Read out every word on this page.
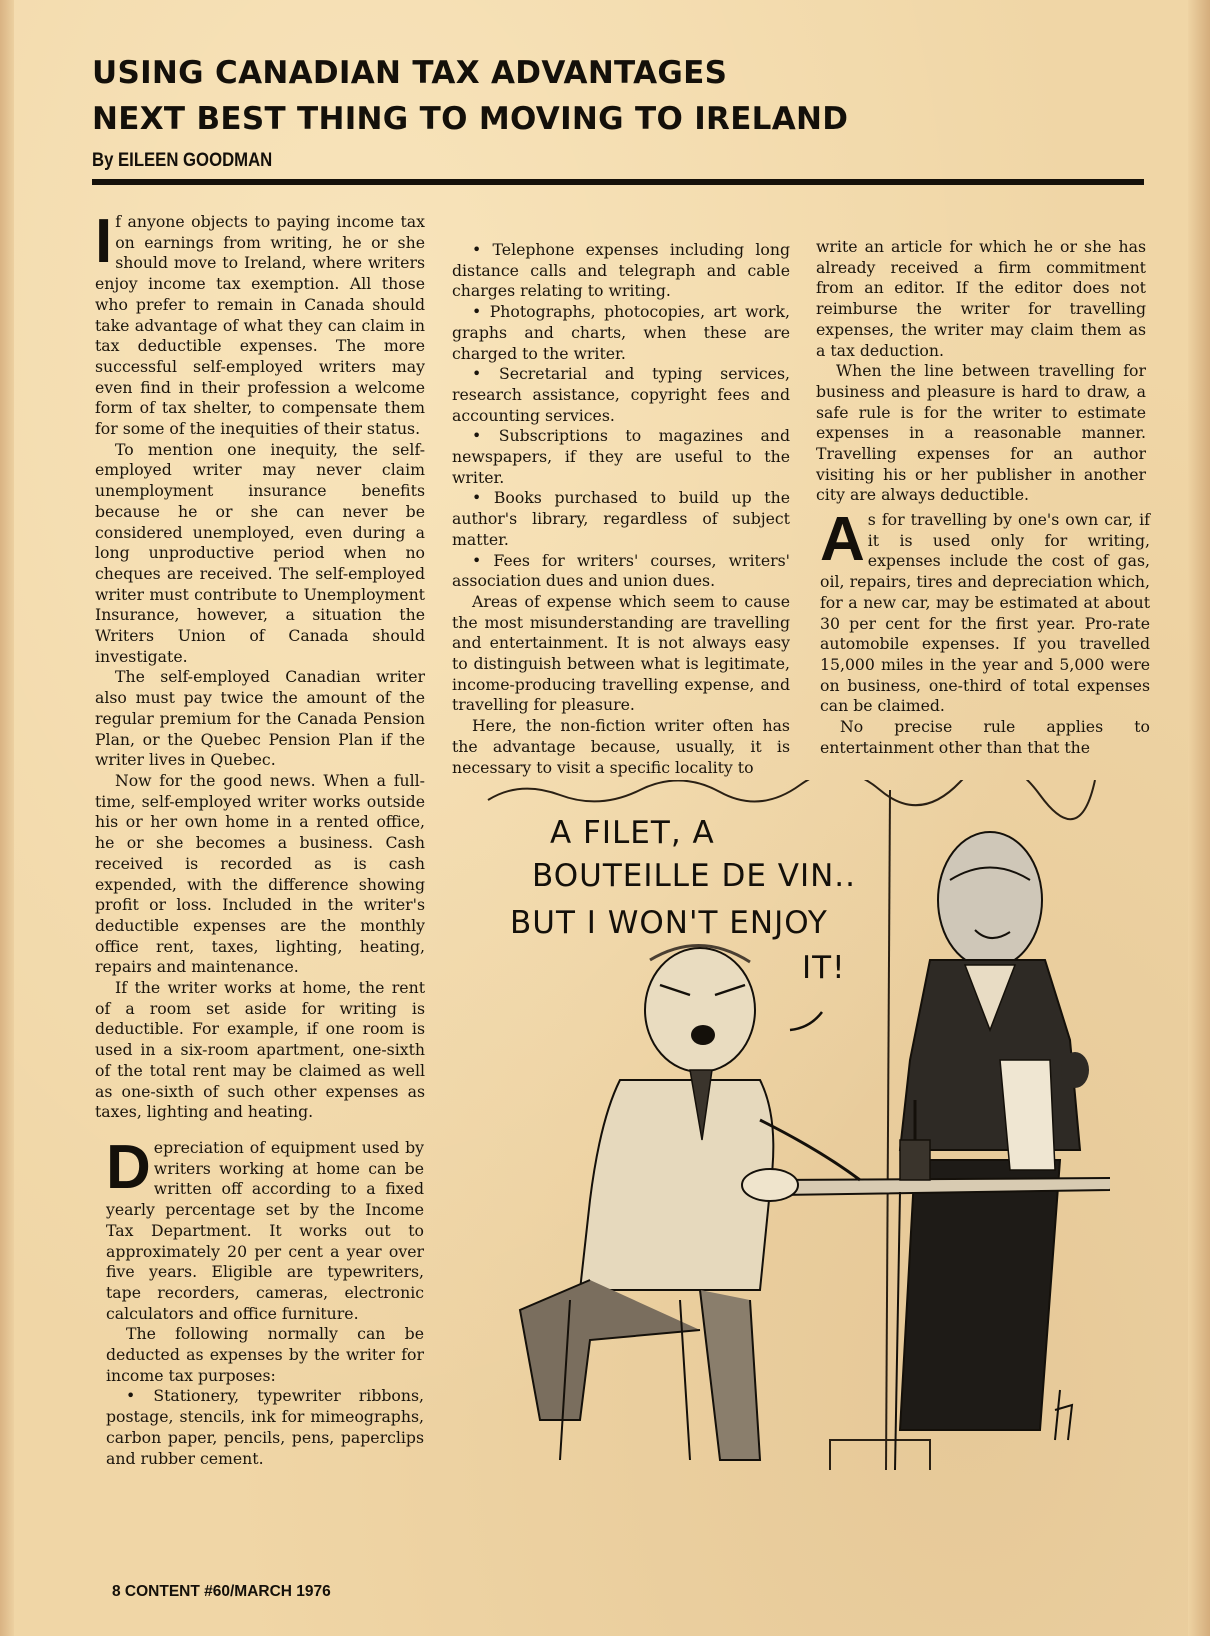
USING CANADIAN TAX ADVANTAGES
NEXT BEST THING TO MOVING TO IRELAND

By EILEEN GOODMAN

I f anyone objects to paying income tax on earnings from writing, he or she should move to Ireland, where writers enjoy income tax exemption. All those who prefer to remain in Canada should take advantage of what they can claim in tax deductible expenses. The more successful self-employed writers may even find in their profession a welcome form of tax shelter, to compensate them for some of the inequities of their status.

To mention one inequity, the self-employed writer may never claim unemployment insurance benefits because he or she can never be considered unemployed, even during a long unproductive period when no cheques are received. The self-employed writer must contribute to Unemployment Insurance, however, a situation the Writers Union of Canada should investigate.

The self-employed Canadian writer also must pay twice the amount of the regular premium for the Canada Pension Plan, or the Quebec Pension Plan if the writer lives in Quebec.

Now for the good news. When a full-time, self-employed writer works outside his or her own home in a rented office, he or she becomes a business. Cash received is recorded as is cash expended, with the difference showing profit or loss. Included in the writer's deductible expenses are the monthly office rent, taxes, lighting, heating, repairs and maintenance.

If the writer works at home, the rent of a room set aside for writing is deductible. For example, if one room is used in a six-room apartment, one-sixth of the total rent may be claimed as well as one-sixth of such other expenses as taxes, lighting and heating.

D epreciation of equipment used by writers working at home can be written off according to a fixed yearly percentage set by the Income Tax Department. It works out to approximately 20 per cent a year over five years. Eligible are typewriters, tape recorders, cameras, electronic calculators and office furniture.

The following normally can be deducted as expenses by the writer for income tax purposes:

• Stationery, typewriter ribbons, postage, stencils, ink for mimeographs, carbon paper, pencils, pens, paperclips and rubber cement.

• Telephone expenses including long distance calls and telegraph and cable charges relating to writing.

• Photographs, photocopies, art work, graphs and charts, when these are charged to the writer.

• Secretarial and typing services, research assistance, copyright fees and accounting services.

• Subscriptions to magazines and newspapers, if they are useful to the writer.

• Books purchased to build up the author's library, regardless of subject matter.

• Fees for writers' courses, writers' association dues and union dues.

Areas of expense which seem to cause the most misunderstanding are travelling and entertainment. It is not always easy to distinguish between what is legitimate, income-producing travelling expense, and travelling for pleasure.

Here, the non-fiction writer often has the advantage because, usually, it is necessary to visit a specific locality to

write an article for which he or she has already received a firm commitment from an editor. If the editor does not reimburse the writer for travelling expenses, the writer may claim them as a tax deduction.

When the line between travelling for business and pleasure is hard to draw, a safe rule is for the writer to estimate expenses in a reasonable manner. Travelling expenses for an author visiting his or her publisher in another city are always deductible.

A s for travelling by one's own car, if it is used only for writing, expenses include the cost of gas, oil, repairs, tires and depreciation which, for a new car, may be estimated at about 30 per cent for the first year. Pro-rate automobile expenses. If you travelled 15,000 miles in the year and 5,000 were on business, one-third of total expenses can be claimed.

No precise rule applies to entertainment other than that the

A FILET, A
BOUTEILLE DE VIN..
BUT I WON'T ENJOY
IT!

8 CONTENT #60/MARCH 1976
